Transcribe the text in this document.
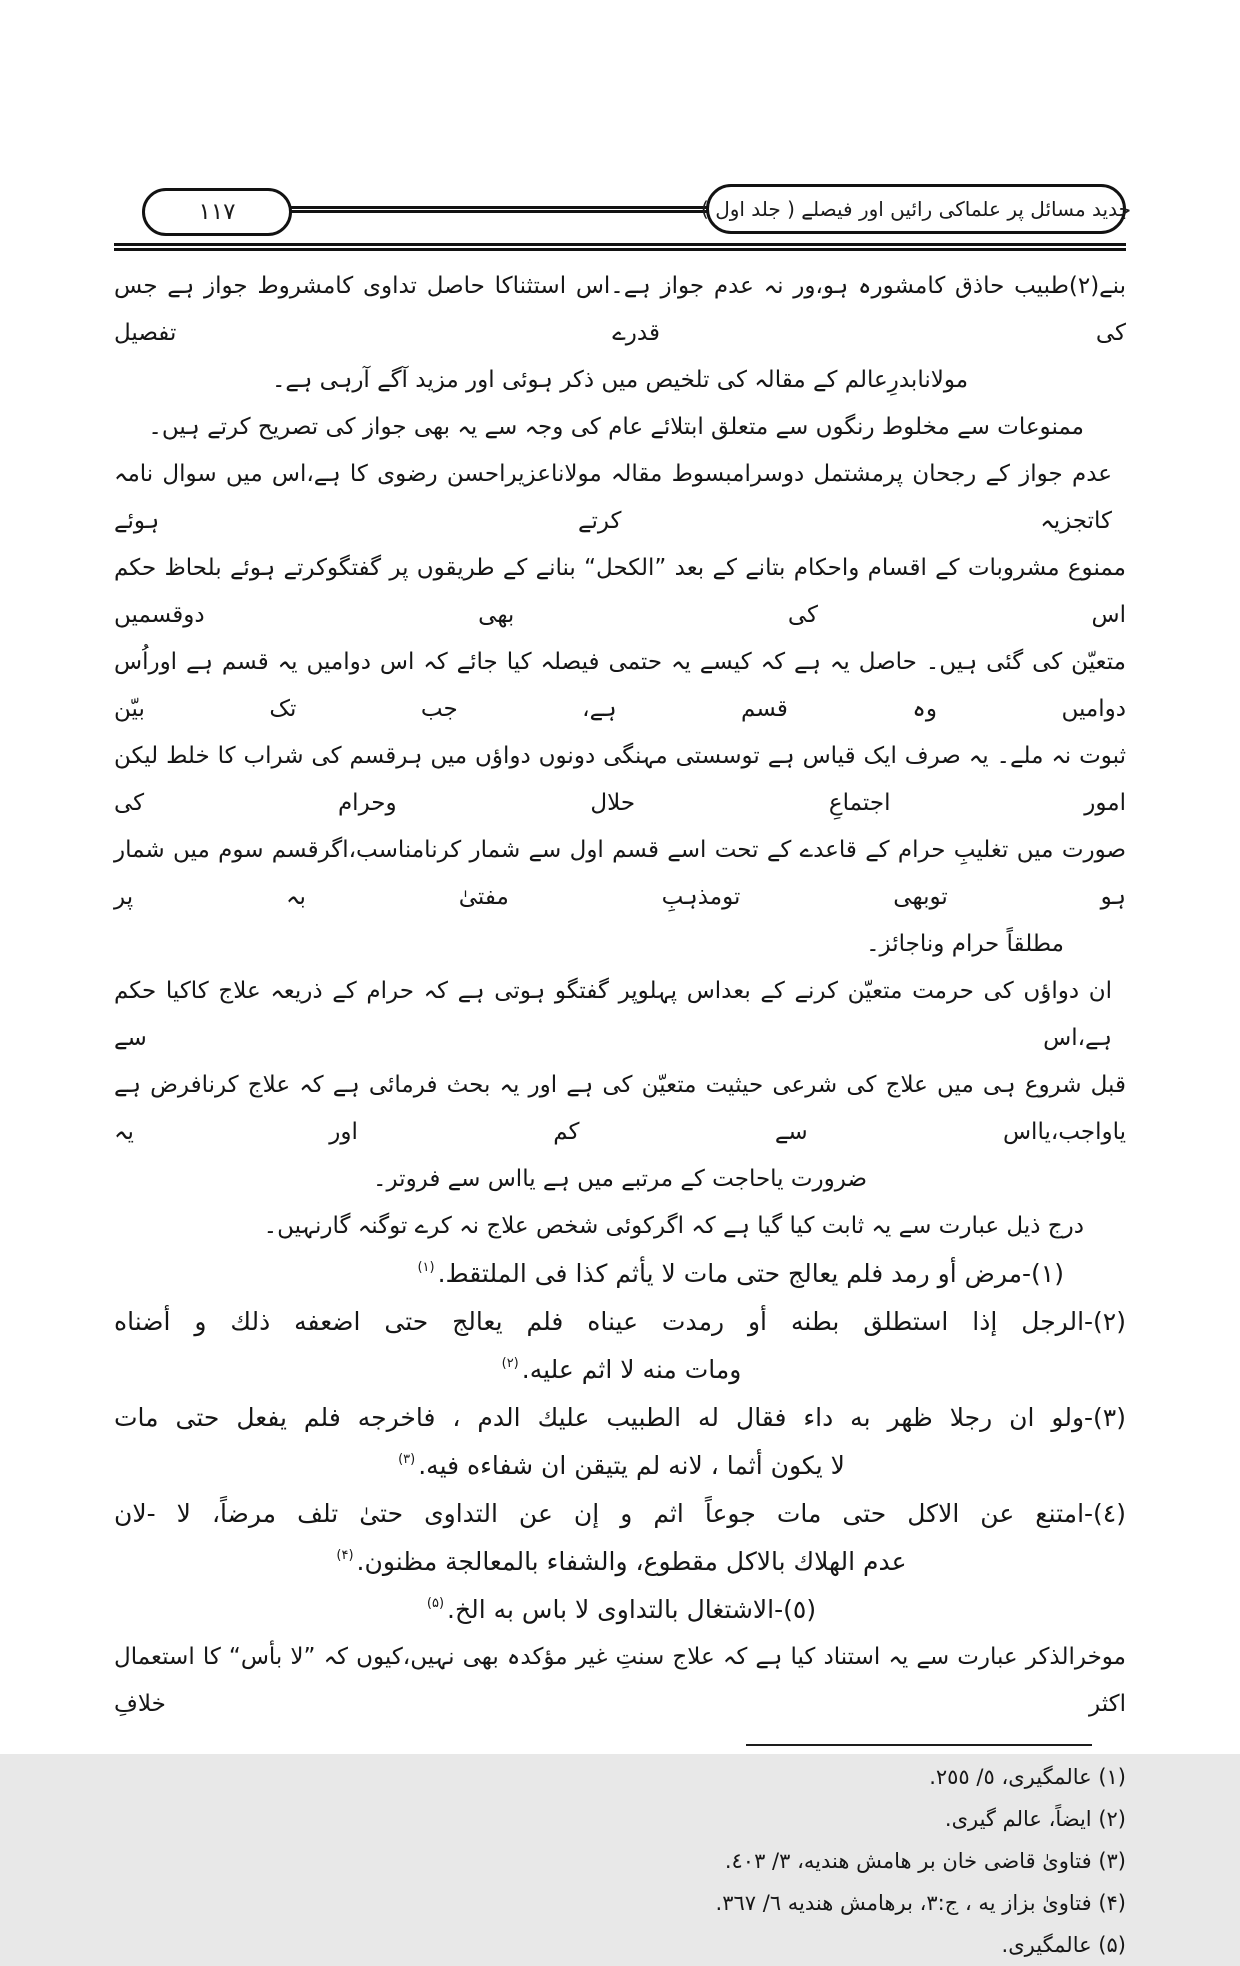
۱۱۷	جدید مسائل پر علماکی رائیں اور فیصلے ( جلد اول )
بنے(۲)طبیب حاذق کامشورہ ہو،ور نہ عدم جواز ہے۔اس استثناکا حاصل تداوی کامشروط جواز ہے جس کی قدرے تفصیل
مولانابدرِعالم کے مقالہ کی تلخیص میں ذکر ہوئی اور مزید آگے آرہی ہے۔
ممنوعات سے مخلوط رنگوں سے متعلق ابتلائے عام کی وجہ سے یہ بھی جواز کی تصریح کرتے ہیں۔
عدم جواز کے رجحان پرمشتمل دوسرامبسوط مقالہ مولاناعزیراحسن رضوی کا ہے،اس میں سوال نامہ کاتجزیہ کرتے ہوئے
ممنوع مشروبات کے اقسام واحکام بتانے کے بعد ”الکحل“ بنانے کے طریقوں پر گفتگوکرتے ہوئے بلحاظ حکم اس کی بھی دوقسمیں
متعیّن کی گئی ہیں۔ حاصل یہ ہے کہ کیسے یہ حتمی فیصلہ کیا جائے کہ اس دوامیں یہ قسم ہے اوراُس دوامیں وہ قسم ہے، جب تک بیّن
ثبوت نہ ملے۔ یہ صرف ایک قیاس ہے توسستی مہنگی دونوں دواؤں میں ہرقسم کی شراب کا خلط لیکن امور اجتماعِ حلال وحرام کی
صورت میں تغلیبِ حرام کے قاعدے کے تحت اسے قسم اول سے شمار کرنامناسب،اگرقسم سوم میں شمار ہو توبھی تومذہبِ مفتیٰ بہ پر
مطلقاً حرام وناجائز۔
ان دواؤں کی حرمت متعیّن کرنے کے بعداس پہلوپر گفتگو ہوتی ہے کہ حرام کے ذریعہ علاج کاکیا حکم ہے،اس سے
قبل شروع ہی میں علاج کی شرعی حیثیت متعیّن کی ہے اور یہ بحث فرمائی ہے کہ علاج کرنافرض ہے یاواجب،یااس سے کم اور یہ
ضرورت یاحاجت کے مرتبے میں ہے یااس سے فروتر۔
درج ذیل عبارت سے یہ ثابت کیا گیا ہے کہ اگرکوئی شخص علاج نہ کرے توگنہ گارنہیں۔
(١)-مرض أو رمد فلم يعالج حتى مات لا يأثم كذا فى الملتقط.$^{(١)}$
(٢)-الرجل إذا استطلق بطنه أو رمدت عيناه فلم يعالج حتى اضعفه ذلك و أضناه
ومات منه لا اثم عليه.$^{(٢)}$
(٣)-ولو ان رجلا ظهر به داء فقال له الطبيب عليك الدم ، فاخرجه فلم يفعل حتى مات
لا يكون أثما ، لانه لم يتيقن ان شفاءه فيه.$^{(٣)}$
(٤)-امتنع عن الاكل حتى مات جوعاً اثم و إن عن التداوى حتىٰ تلف مرضاً، لا -لان
عدم الهلاك بالاكل مقطوع، والشفاء بالمعالجة مظنون.$^{(۴)}$
(٥)-الاشتغال بالتداوى لا باس به الخ.$^{(۵)}$
موخرالذکر عبارت سے یہ استناد کیا ہے کہ علاج سنتِ غیر مؤکدہ بھی نہیں،کیوں کہ ”لا بأس“ کا استعمال اکثر خلافِ
(١) عالمگیری، ٥/ ٢٥٥.
(٢) ایضاً، عالم گیری.
(٣) فتاویٰ قاضی خان بر هامش هندیه، ٣/ ٤٠٣.
(۴) فتاویٰ بزاز یه ، ج:٣، برهامش هندیه ٦/ ٣٦٧.
(۵) عالمگیری.
